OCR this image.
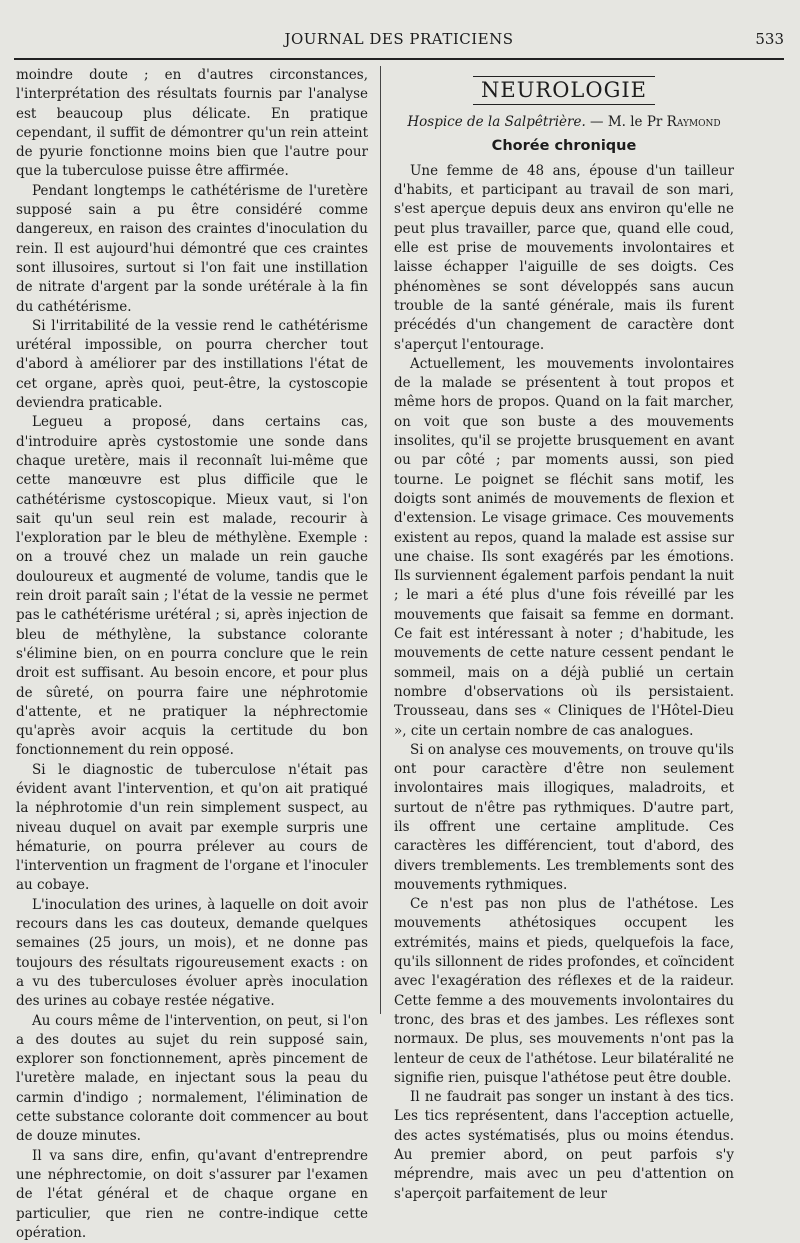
JOURNAL DES PRATICIENS	533

moindre doute ; en d'autres circonstances, l'interprétation des résultats fournis par l'analyse est beaucoup plus délicate. En pratique cependant, il suffit de démontrer qu'un rein atteint de pyurie fonctionne moins bien que l'autre pour que la tuberculose puisse être affirmée.

Pendant longtemps le cathétérisme de l'uretère supposé sain a pu être considéré comme dangereux, en raison des craintes d'inoculation du rein. Il est aujourd'hui démontré que ces craintes sont illusoires, surtout si l'on fait une instillation de nitrate d'argent par la sonde urétérale à la fin du cathétérisme.

Si l'irritabilité de la vessie rend le cathétérisme urétéral impossible, on pourra chercher tout d'abord à améliorer par des instillations l'état de cet organe, après quoi, peut-être, la cystoscopie deviendra praticable.

Legueu a proposé, dans certains cas, d'introduire après cystostomie une sonde dans chaque uretère, mais il reconnaît lui-même que cette manœuvre est plus difficile que le cathétérisme cystoscopique. Mieux vaut, si l'on sait qu'un seul rein est malade, recourir à l'exploration par le bleu de méthylène. Exemple : on a trouvé chez un malade un rein gauche douloureux et augmenté de volume, tandis que le rein droit paraît sain ; l'état de la vessie ne permet pas le cathétérisme urétéral ; si, après injection de bleu de méthylène, la substance colorante s'élimine bien, on en pourra conclure que le rein droit est suffisant. Au besoin encore, et pour plus de sûreté, on pourra faire une néphrotomie d'attente, et ne pratiquer la néphrectomie qu'après avoir acquis la certitude du bon fonctionnement du rein opposé.

Si le diagnostic de tuberculose n'était pas évident avant l'intervention, et qu'on ait pratiqué la néphrotomie d'un rein simplement suspect, au niveau duquel on avait par exemple surpris une hématurie, on pourra prélever au cours de l'intervention un fragment de l'organe et l'inoculer au cobaye.

L'inoculation des urines, à laquelle on doit avoir recours dans les cas douteux, demande quelques semaines (25 jours, un mois), et ne donne pas toujours des résultats rigoureusement exacts : on a vu des tuberculoses évoluer après inoculation des urines au cobaye restée négative.

Au cours même de l'intervention, on peut, si l'on a des doutes au sujet du rein supposé sain, explorer son fonctionnement, après pincement de l'uretère malade, en injectant sous la peau du carmin d'indigo ; normalement, l'élimination de cette substance colorante doit commencer au bout de douze minutes.

Il va sans dire, enfin, qu'avant d'entreprendre une néphrectomie, on doit s'assurer par l'examen de l'état général et de chaque organe en particulier, que rien ne contre-indique cette opération.

NEUROLOGIE
Hospice de la Salpêtrière. — M. le Pr Raymond
Chorée chronique

Une femme de 48 ans, épouse d'un tailleur d'habits, et participant au travail de son mari, s'est aperçue depuis deux ans environ qu'elle ne peut plus travailler, parce que, quand elle coud, elle est prise de mouvements involontaires et laisse échapper l'aiguille de ses doigts. Ces phénomènes se sont développés sans aucun trouble de la santé générale, mais ils furent précédés d'un changement de caractère dont s'aperçut l'entourage.

Actuellement, les mouvements involontaires de la malade se présentent à tout propos et même hors de propos. Quand on la fait marcher, on voit que son buste a des mouvements insolites, qu'il se projette brusquement en avant ou par côté ; par moments aussi, son pied tourne. Le poignet se fléchit sans motif, les doigts sont animés de mouvements de flexion et d'extension. Le visage grimace. Ces mouvements existent au repos, quand la malade est assise sur une chaise. Ils sont exagérés par les émotions. Ils surviennent également parfois pendant la nuit ; le mari a été plus d'une fois réveillé par les mouvements que faisait sa femme en dormant. Ce fait est intéressant à noter ; d'habitude, les mouvements de cette nature cessent pendant le sommeil, mais on a déjà publié un certain nombre d'observations où ils persistaient. Trousseau, dans ses « Cliniques de l'Hôtel-Dieu », cite un certain nombre de cas analogues.

Si on analyse ces mouvements, on trouve qu'ils ont pour caractère d'être non seulement involontaires mais illogiques, maladroits, et surtout de n'être pas rythmiques. D'autre part, ils offrent une certaine amplitude. Ces caractères les différencient, tout d'abord, des divers tremblements. Les tremblements sont des mouvements rythmiques.

Ce n'est pas non plus de l'athétose. Les mouvements athétosiques occupent les extrémités, mains et pieds, quelquefois la face, qu'ils sillonnent de rides profondes, et coïncident avec l'exagération des réflexes et de la raideur. Cette femme a des mouvements involontaires du tronc, des bras et des jambes. Les réflexes sont normaux. De plus, ses mouvements n'ont pas la lenteur de ceux de l'athétose. Leur bilatéralité ne signifie rien, puisque l'athétose peut être double.

Il ne faudrait pas songer un instant à des tics. Les tics représentent, dans l'acception actuelle, des actes systématisés, plus ou moins étendus. Au premier abord, on peut parfois s'y méprendre, mais avec un peu d'attention on s'aperçoit parfaitement de leur
